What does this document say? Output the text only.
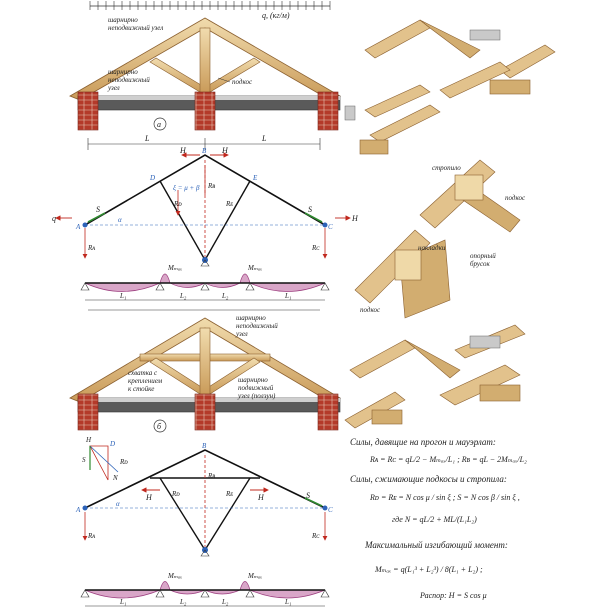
q, (кг/м)
шарнирно неподвижный узел
шарнирно неподвижный узел
подкос
а
L	L
H	H
B
Rʙ
D	E
ξ = μ + β
Rᴅ	Rᴇ
S	S
α
A	C
q	H
Rᴀ	Rᴄ
Mₘₐₓ	Mₘₐₓ
L₁	L₂	L₂	L₁
шарнирно неподвижный узел
схватка с креплением к стойке
шарнирно подвижный узел (ползун)
б
H	D
S	Rᴅ
N
B
Rʙ
H	H
Rᴅ	Rᴇ	S
A	C
α
Rᴀ	Rᴄ
Mₘₐₓ	Mₘₐₓ
L₁	L₂	L₂	L₁
стропило
подкос
накладки
опорный брусок
подкос
Силы, давящие на прогон и мауэрлат:
Rᴀ = Rᴄ = qL/2 − Mₘₐₓ/L₁ ; Rʙ = qL − 2Mₘₐₓ/L₂
Силы, сжимающие подкосы и стропила:
Rᴅ = Rᴇ = N cos μ / sin ξ ; S = N cos β / sin ξ ,
где N = qL/2 + ML/(L₁L₂)
Максимальный изгибающий момент:
Mₘₐₓ = q(L₁³ + L₂³) / 8(L₁ + L₂) ;
Распор: H = S cos μ
